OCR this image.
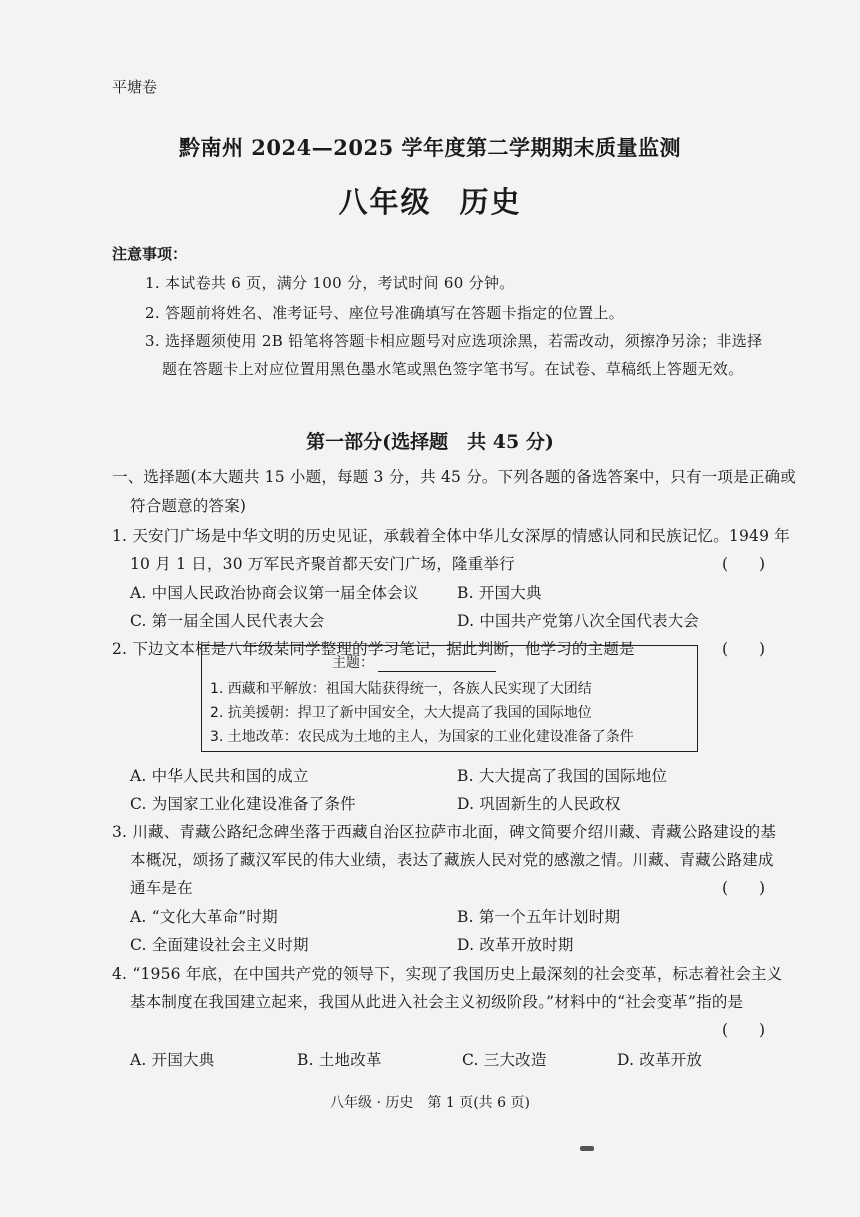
平塘卷
黔南州 2024—2025 学年度第二学期期末质量监测
八年级 历史
注意事项：
1. 本试卷共 6 页，满分 100 分，考试时间 60 分钟。
2. 答题前将姓名、准考证号、座位号准确填写在答题卡指定的位置上。
3. 选择题须使用 2B 铅笔将答题卡相应题号对应选项涂黑，若需改动，须擦净另涂；非选择
题在答题卡上对应位置用黑色墨水笔或黑色签字笔书写。在试卷、草稿纸上答题无效。
第一部分(选择题　共 45 分)
一、选择题(本大题共 15 小题，每题 3 分，共 45 分。下列各题的备选答案中，只有一项是正确或
符合题意的答案)
1. 天安门广场是中华文明的历史见证，承载着全体中华儿女深厚的情感认同和民族记忆。1949 年
10 月 1 日，30 万军民齐聚首都天安门广场，隆重举行	(　　)
A. 中国人民政治协商会议第一届全体会议 B. 开国大典
C. 第一届全国人民代表大会	D. 中国共产党第八次全国代表大会
2. 下边文本框是八年级某同学整理的学习笔记，据此判断，他学习的主题是	(　　)
主题：
1. 西藏和平解放：祖国大陆获得统一，各族人民实现了大团结
2. 抗美援朝：捍卫了新中国安全，大大提高了我国的国际地位
3. 土地改革：农民成为土地的主人，为国家的工业化建设准备了条件
A. 中华人民共和国的成立	B. 大大提高了我国的国际地位
C. 为国家工业化建设准备了条件	D. 巩固新生的人民政权
3. 川藏、青藏公路纪念碑坐落于西藏自治区拉萨市北面，碑文简要介绍川藏、青藏公路建设的基
本概况，颂扬了藏汉军民的伟大业绩，表达了藏族人民对党的感激之情。川藏、青藏公路建成
通车是在	(　　)
A. “文化大革命”时期	B. 第一个五年计划时期
C. 全面建设社会主义时期	D. 改革开放时期
4. “1956 年底，在中国共产党的领导下，实现了我国历史上最深刻的社会变革，标志着社会主义
基本制度在我国建立起来，我国从此进入社会主义初级阶段。”材料中的“社会变革”指的是
(　　)
A. 开国大典	B. 土地改革	C. 三大改造	D. 改革开放
八年级 · 历史　第 1 页(共 6 页)
